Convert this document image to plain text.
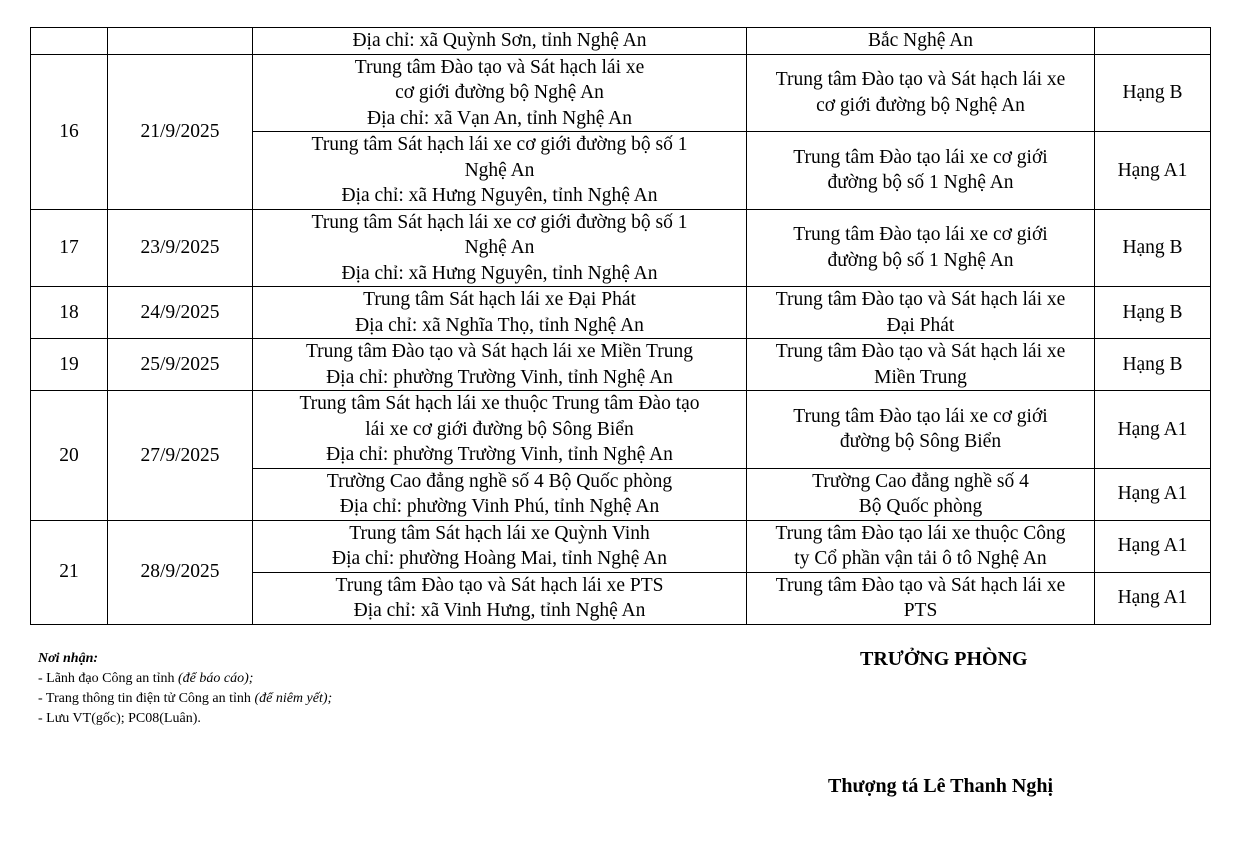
		Địa chỉ: xã Quỳnh Sơn, tỉnh Nghệ An	Bắc Nghệ An	

16	21/9/2025	Trung tâm Đào tạo và Sát hạch lái xe
cơ giới đường bộ Nghệ An
Địa chỉ: xã Vạn An, tỉnh Nghệ An	Trung tâm Đào tạo và Sát hạch lái xe
cơ giới đường bộ Nghệ An	Hạng B

		Trung tâm Sát hạch lái xe cơ giới đường bộ số 1
Nghệ An
Địa chỉ: xã Hưng Nguyên, tỉnh Nghệ An	Trung tâm Đào tạo lái xe cơ giới
đường bộ số 1 Nghệ An	Hạng A1

17	23/9/2025	Trung tâm Sát hạch lái xe cơ giới đường bộ số 1
Nghệ An
Địa chỉ: xã Hưng Nguyên, tỉnh Nghệ An	Trung tâm Đào tạo lái xe cơ giới
đường bộ số 1 Nghệ An	Hạng B

18	24/9/2025	Trung tâm Sát hạch lái xe Đại Phát
Địa chỉ: xã Nghĩa Thọ, tỉnh Nghệ An	Trung tâm Đào tạo và Sát hạch lái xe
Đại Phát	Hạng B

19	25/9/2025	Trung tâm Đào tạo và Sát hạch lái xe Miền Trung
Địa chỉ: phường Trường Vinh, tỉnh Nghệ An	Trung tâm Đào tạo và Sát hạch lái xe
Miền Trung	Hạng B

20	27/9/2025	Trung tâm Sát hạch lái xe thuộc Trung tâm Đào tạo
lái xe cơ giới đường bộ Sông Biển
Địa chỉ: phường Trường Vinh, tỉnh Nghệ An	Trung tâm Đào tạo lái xe cơ giới
đường bộ Sông Biển	Hạng A1

		Trường Cao đẳng nghề số 4 Bộ Quốc phòng
Địa chỉ: phường Vinh Phú, tỉnh Nghệ An	Trường Cao đẳng nghề số 4
Bộ Quốc phòng	Hạng A1

21	28/9/2025	Trung tâm Sát hạch lái xe Quỳnh Vinh
Địa chỉ: phường Hoàng Mai, tỉnh Nghệ An	Trung tâm Đào tạo lái xe thuộc Công
ty Cổ phần vận tải ô tô Nghệ An	Hạng A1

		Trung tâm Đào tạo và Sát hạch lái xe PTS
Địa chỉ: xã Vinh Hưng, tỉnh Nghệ An	Trung tâm Đào tạo và Sát hạch lái xe
PTS	Hạng A1
Nơi nhận:
- Lãnh đạo Công an tỉnh (để báo cáo);
- Trang thông tin điện tử Công an tỉnh (để niêm yết);
- Lưu VT(gốc); PC08(Luân).
TRƯỞNG PHÒNG
Thượng tá Lê Thanh Nghị
